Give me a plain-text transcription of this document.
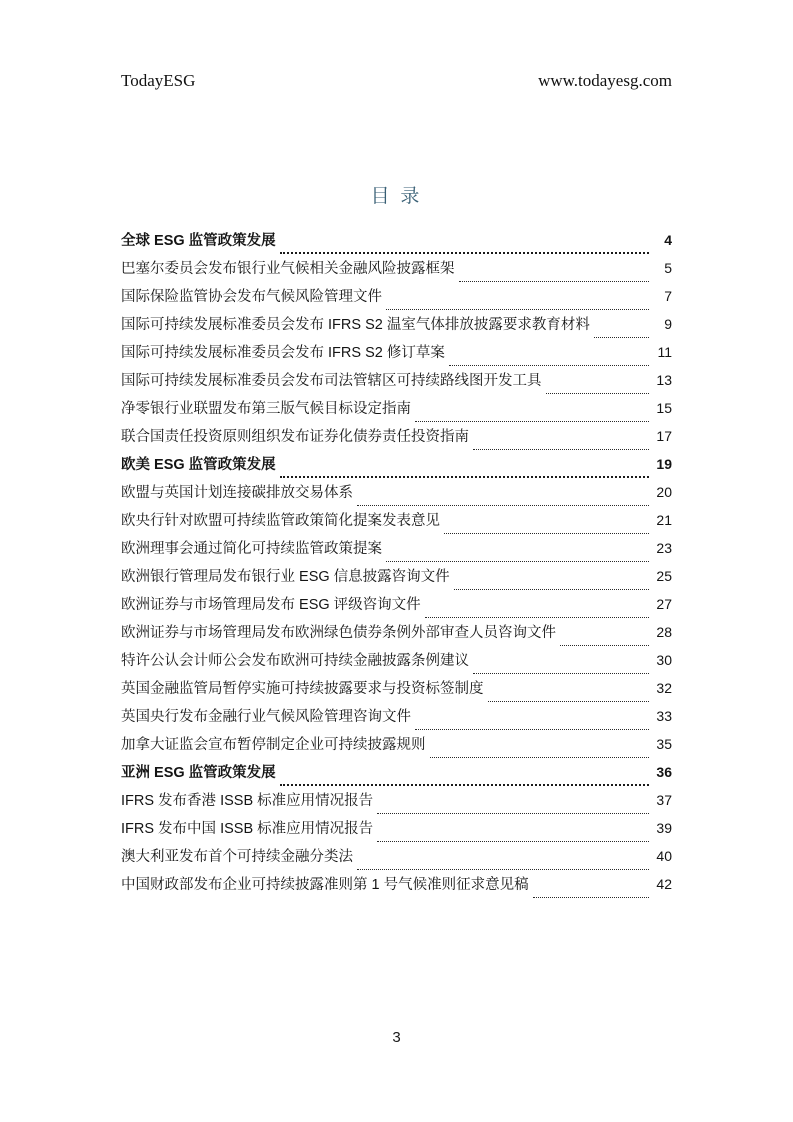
TodayESG	www.todayesg.com
目 录
全球 ESG 监管政策发展	4
巴塞尔委员会发布银行业气候相关金融风险披露框架	5
国际保险监管协会发布气候风险管理文件	7
国际可持续发展标准委员会发布 IFRS S2 温室气体排放披露要求教育材料	9
国际可持续发展标准委员会发布 IFRS S2 修订草案	11
国际可持续发展标准委员会发布司法管辖区可持续路线图开发工具	13
净零银行业联盟发布第三版气候目标设定指南	15
联合国责任投资原则组织发布证券化债券责任投资指南	17
欧美 ESG 监管政策发展	19
欧盟与英国计划连接碳排放交易体系	20
欧央行针对欧盟可持续监管政策简化提案发表意见	21
欧洲理事会通过简化可持续监管政策提案	23
欧洲银行管理局发布银行业 ESG 信息披露咨询文件	25
欧洲证券与市场管理局发布 ESG 评级咨询文件	27
欧洲证券与市场管理局发布欧洲绿色债券条例外部审查人员咨询文件	28
特许公认会计师公会发布欧洲可持续金融披露条例建议	30
英国金融监管局暂停实施可持续披露要求与投资标签制度	32
英国央行发布金融行业气候风险管理咨询文件	33
加拿大证监会宣布暂停制定企业可持续披露规则	35
亚洲 ESG 监管政策发展	36
IFRS 发布香港 ISSB 标准应用情况报告	37
IFRS 发布中国 ISSB 标准应用情况报告	39
澳大利亚发布首个可持续金融分类法	40
中国财政部发布企业可持续披露准则第 1 号气候准则征求意见稿	42
3
